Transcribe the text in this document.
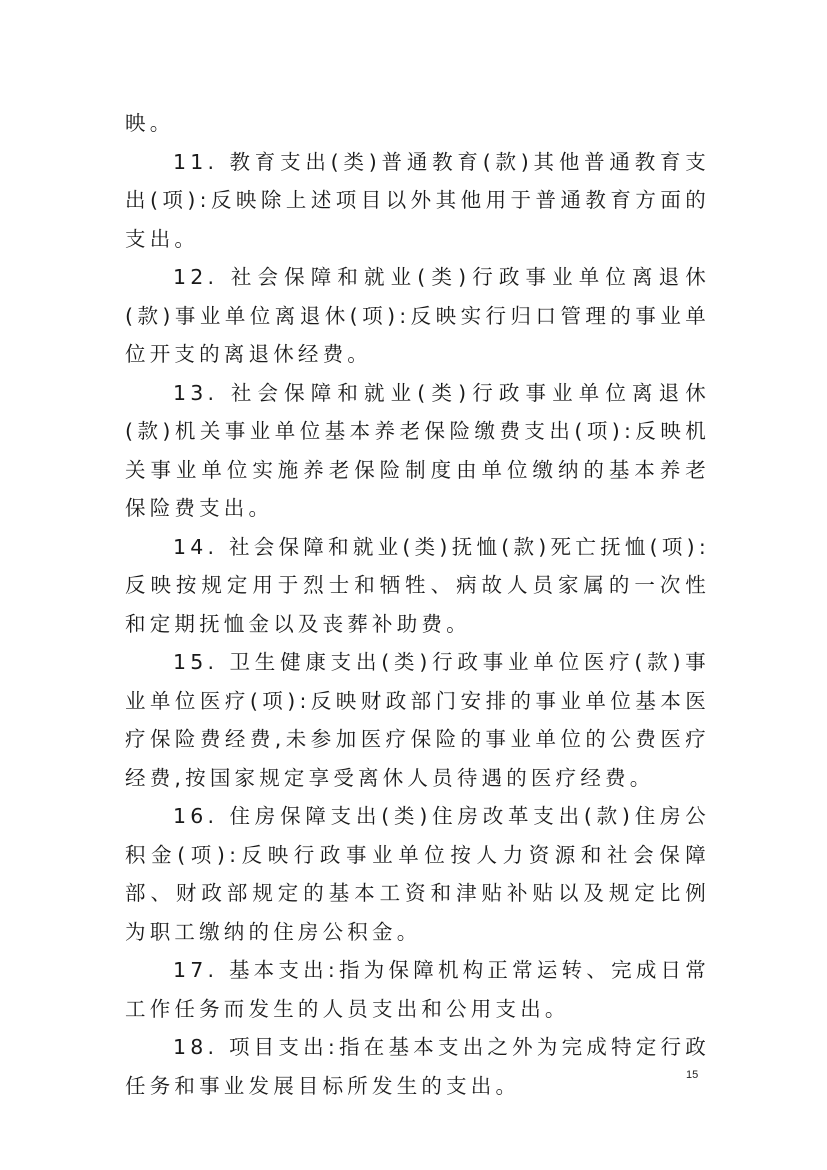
映。

11. 教育支出(类)普通教育(款)其他普通教育支出(项):反映除上述项目以外其他用于普通教育方面的支出。

12. 社会保障和就业(类)行政事业单位离退休(款)事业单位离退休(项):反映实行归口管理的事业单位开支的离退休经费。

13. 社会保障和就业(类)行政事业单位离退休(款)机关事业单位基本养老保险缴费支出(项):反映机关事业单位实施养老保险制度由单位缴纳的基本养老保险费支出。

14. 社会保障和就业(类)抚恤(款)死亡抚恤(项):反映按规定用于烈士和牺牲、病故人员家属的一次性和定期抚恤金以及丧葬补助费。

15. 卫生健康支出(类)行政事业单位医疗(款)事业单位医疗(项):反映财政部门安排的事业单位基本医疗保险费经费,未参加医疗保险的事业单位的公费医疗经费,按国家规定享受离休人员待遇的医疗经费。

16. 住房保障支出(类)住房改革支出(款)住房公积金(项):反映行政事业单位按人力资源和社会保障部、财政部规定的基本工资和津贴补贴以及规定比例为职工缴纳的住房公积金。

17. 基本支出:指为保障机构正常运转、完成日常工作任务而发生的人员支出和公用支出。

18. 项目支出:指在基本支出之外为完成特定行政任务和事业发展目标所发生的支出。	15
